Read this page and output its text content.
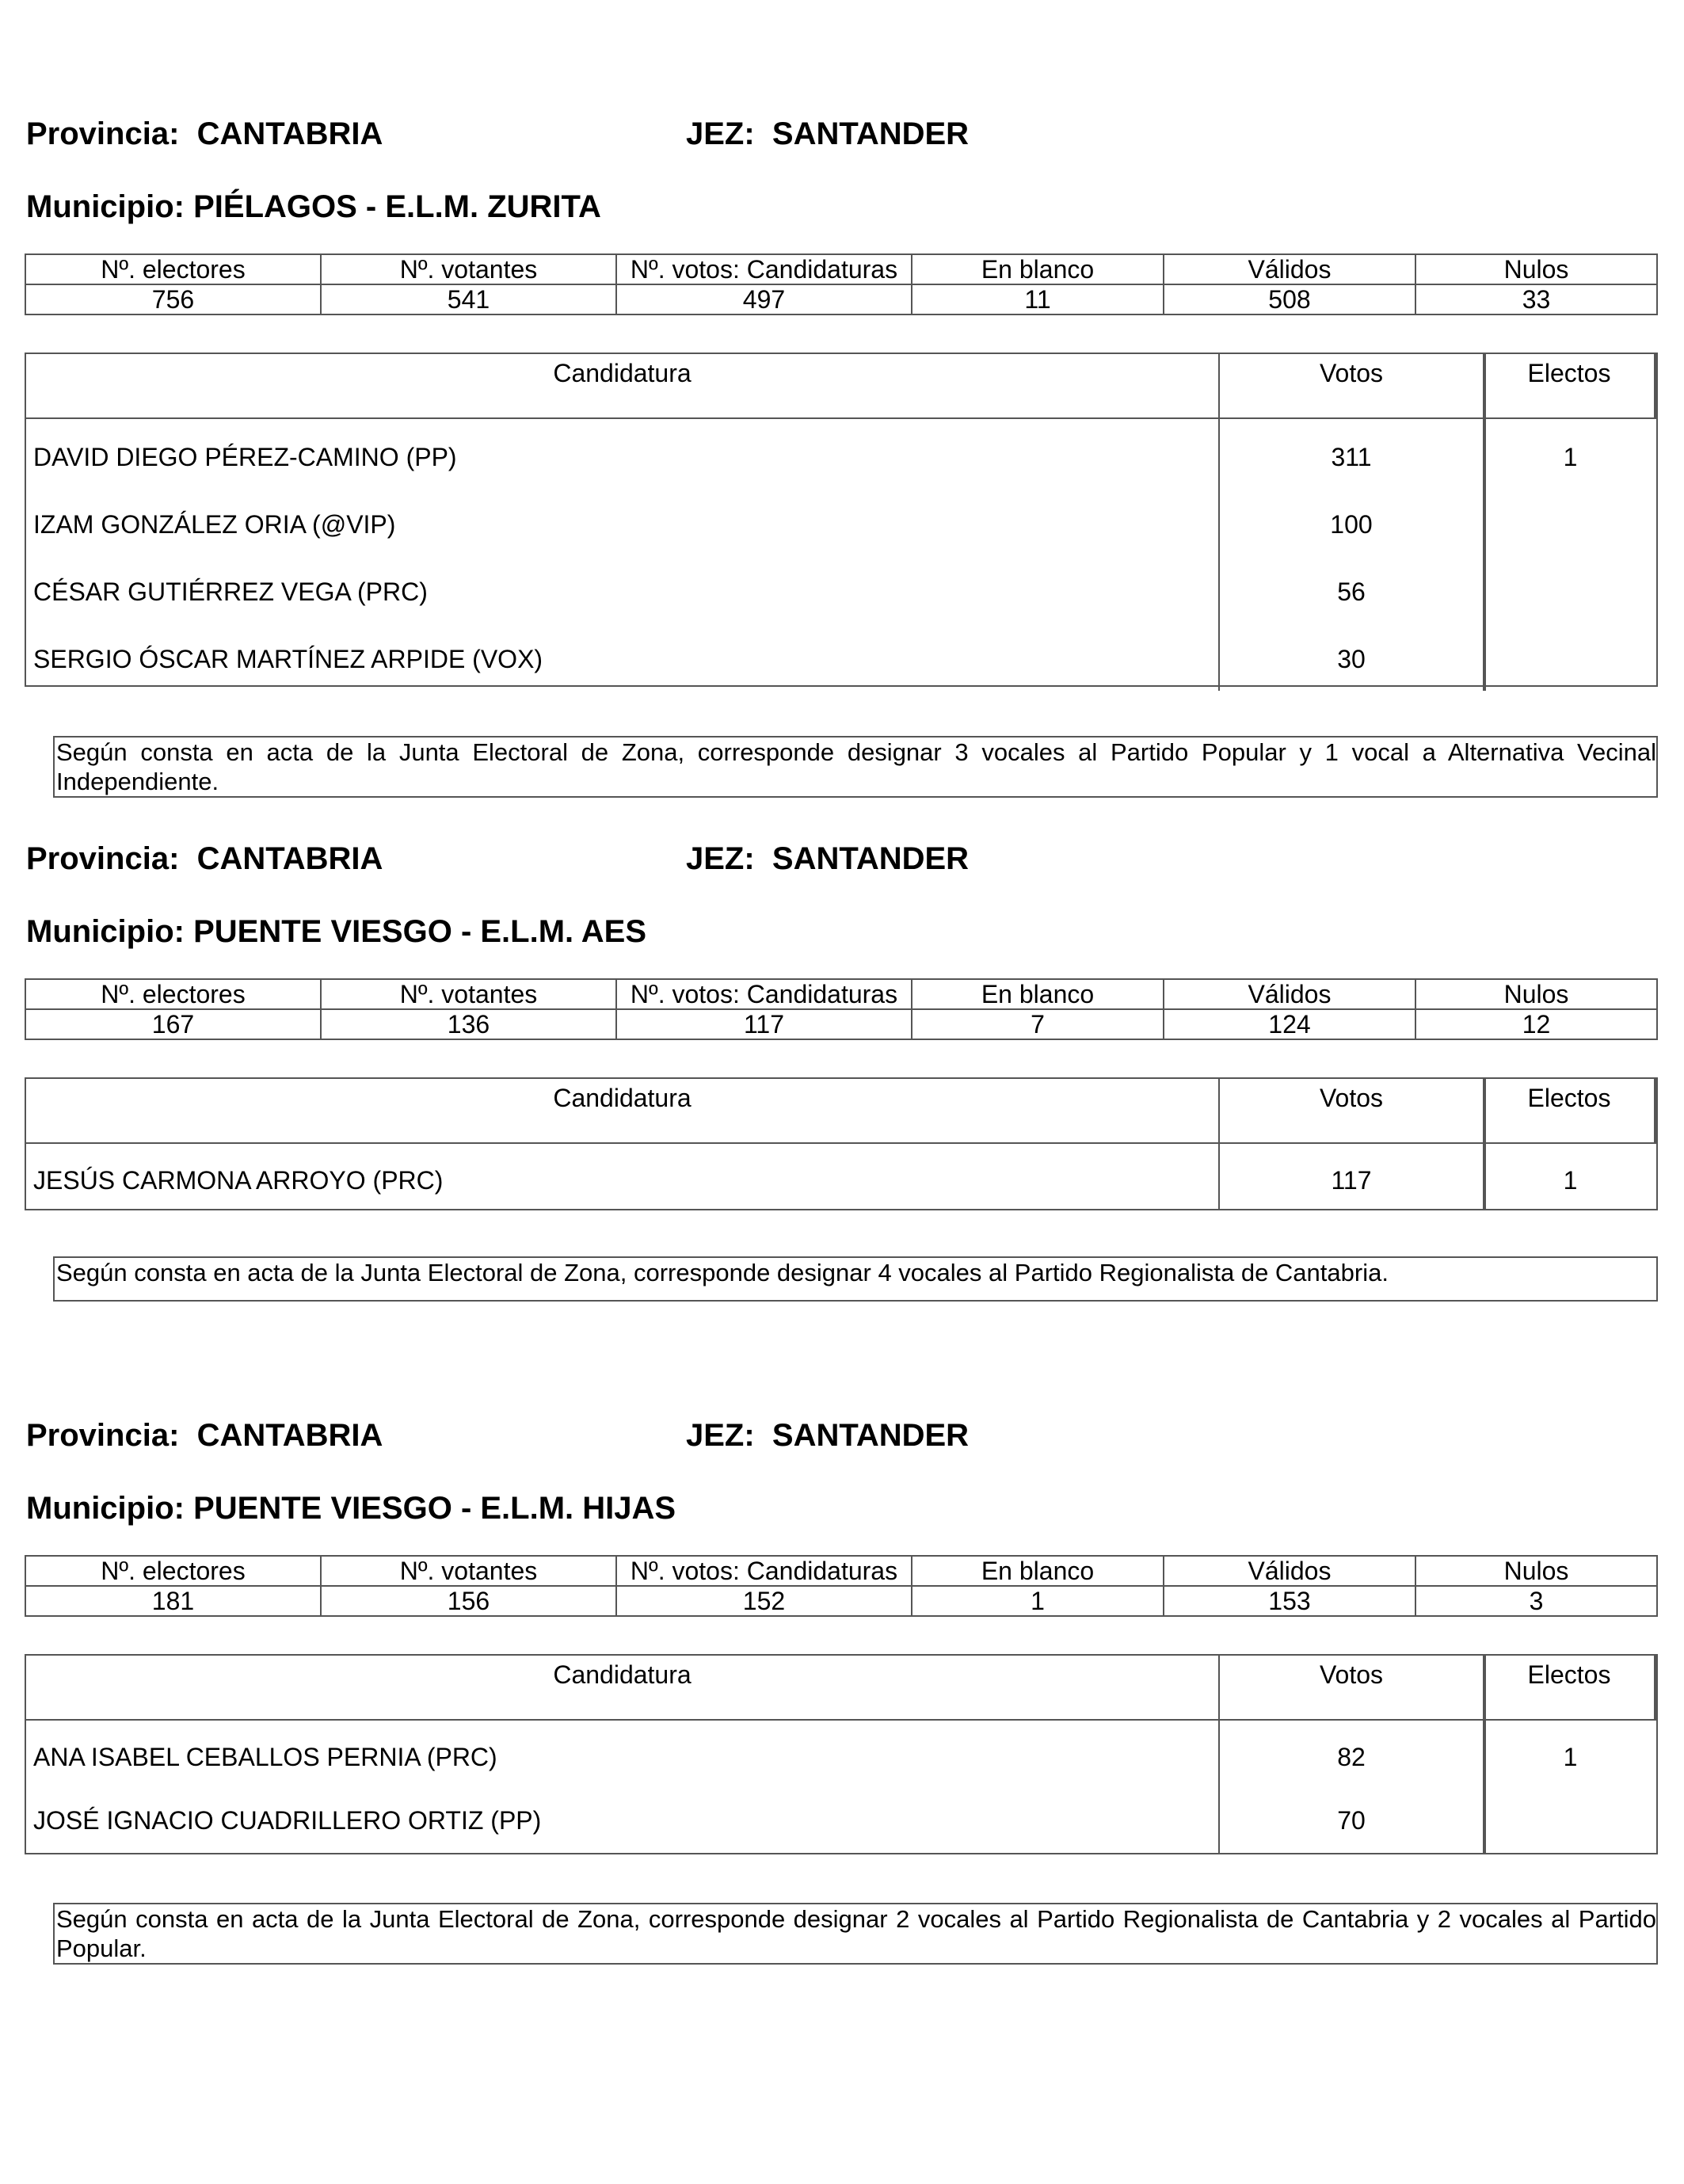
Provincia: CANTABRIA	JEZ: SANTANDER
Municipio: PIÉLAGOS - E.L.M. ZURITA
Nº. electores	Nº. votantes	Nº. votos: Candidaturas	En blanco	Válidos	Nulos
756	541	497	11	508	33
Candidatura	Votos	Electos
DAVID DIEGO PÉREZ-CAMINO (PP)	311	1
IZAM GONZÁLEZ ORIA (@VIP)	100
CÉSAR GUTIÉRREZ VEGA (PRC)	56
SERGIO ÓSCAR MARTÍNEZ ARPIDE (VOX)	30
Según consta en acta de la Junta Electoral de Zona, corresponde designar 3 vocales al Partido Popular y 1 vocal a Alternativa Vecinal Independiente.
Provincia: CANTABRIA	JEZ: SANTANDER
Municipio: PUENTE VIESGO - E.L.M. AES
Nº. electores	Nº. votantes	Nº. votos: Candidaturas	En blanco	Válidos	Nulos
167	136	117	7	124	12
Candidatura	Votos	Electos
JESÚS CARMONA ARROYO (PRC)	117	1
Según consta en acta de la Junta Electoral de Zona, corresponde designar 4 vocales al Partido Regionalista de Cantabria.
Provincia: CANTABRIA	JEZ: SANTANDER
Municipio: PUENTE VIESGO - E.L.M. HIJAS
Nº. electores	Nº. votantes	Nº. votos: Candidaturas	En blanco	Válidos	Nulos
181	156	152	1	153	3
Candidatura	Votos	Electos
ANA ISABEL CEBALLOS PERNIA (PRC)	82	1
JOSÉ IGNACIO CUADRILLERO ORTIZ (PP)	70
Según consta en acta de la Junta Electoral de Zona, corresponde designar 2 vocales al Partido Regionalista de Cantabria y 2 vocales al Partido Popular.
